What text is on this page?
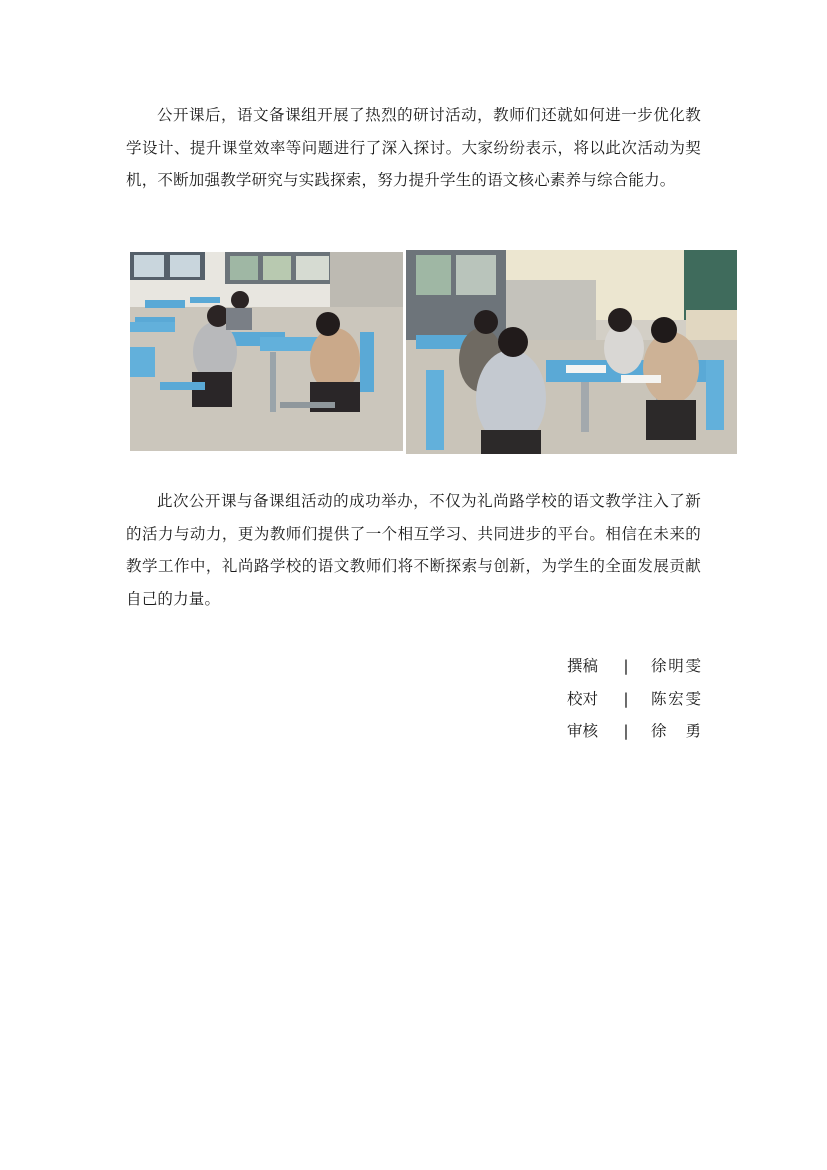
公开课后，语文备课组开展了热烈的研讨活动，教师们还就如何进一步优化教学设计、提升课堂效率等问题进行了深入探讨。大家纷纷表示，将以此次活动为契机，不断加强教学研究与实践探索，努力提升学生的语文核心素养与综合能力。

此次公开课与备课组活动的成功举办，不仅为礼尚路学校的语文教学注入了新的活力与动力，更为教师们提供了一个相互学习、共同进步的平台。相信在未来的教学工作中，礼尚路学校的语文教师们将不断探索与创新，为学生的全面发展贡献自己的力量。

撰稿	|	徐明雯
校对	|	陈宏雯
审核	|	徐勇
